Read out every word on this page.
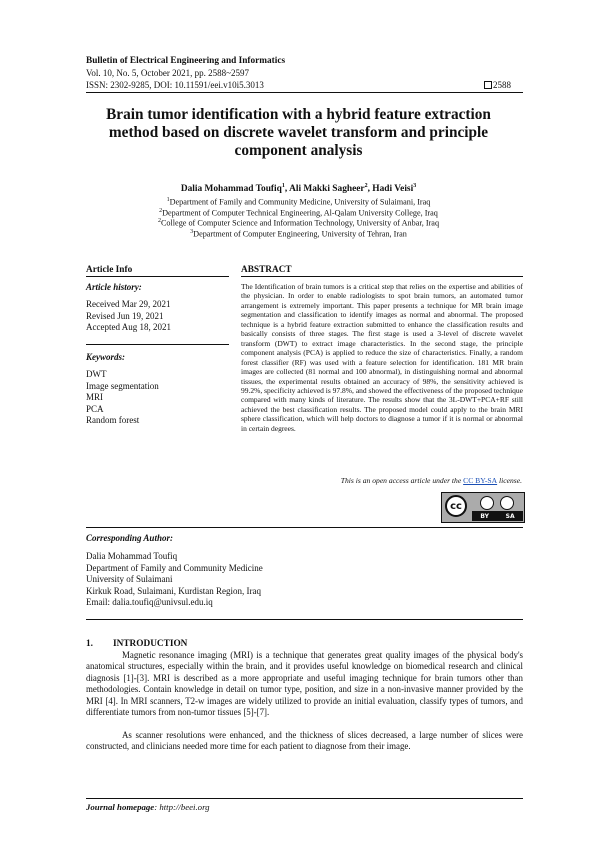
Bulletin of Electrical Engineering and Informatics
Vol. 10, No. 5, October 2021, pp. 2588~2597
ISSN: 2302-9285, DOI: 10.11591/eei.v10i5.3013	2588
Brain tumor identification with a hybrid feature extraction method based on discrete wavelet transform and principle component analysis
Dalia Mohammad Toufiq$^1$, Ali Makki Sagheer$^2$, Hadi Veisi$^3$
$^1$Department of Family and Community Medicine, University of Sulaimani, Iraq
$^2$Department of Computer Technical Engineering, Al-Qalam University College, Iraq
$^2$College of Computer Science and Information Technology, University of Anbar, Iraq
$^3$Department of Computer Engineering, University of Tehran, Iran
Article Info	ABSTRACT
Article history:
Received Mar 29, 2021
Revised Jun 19, 2021
Accepted Aug 18, 2021
Keywords:
DWT
Image segmentation
MRI
PCA
Random forest
The Identification of brain tumors is a critical step that relies on the expertise and abilities of the physician. In order to enable radiologists to spot brain tumors, an automated tumor arrangement is extremely important. This paper presents a technique for MR brain image segmentation and classification to identify images as normal and abnormal. The proposed technique is a hybrid feature extraction submitted to enhance the classification results and basically consists of three stages. The first stage is used a 3-level of discrete wavelet transform (DWT) to extract image characteristics. In the second stage, the principle component analysis (PCA) is applied to reduce the size of characteristics. Finally, a random forest classifier (RF) was used with a feature selection for identification. 181 MR brain images are collected (81 normal and 100 abnormal), in distinguishing normal and abnormal tissues, the experimental results obtained an accuracy of 98%, the sensitivity achieved is 99.2%, specificity achieved is 97.8%, and showed the effectiveness of the proposed technique compared with many kinds of literature. The results show that the 3L-DWT+PCA+RF still achieved the best classification results. The proposed model could apply to the brain MRI sphere classification, which will help doctors to diagnose a tumor if it is normal or abnormal in certain degrees.
This is an open access article under the CC BY-SA license.
cc
BY	SA
Corresponding Author:
Dalia Mohammad Toufiq
Department of Family and Community Medicine
University of Sulaimani
Kirkuk Road, Sulaimani, Kurdistan Region, Iraq
Email: dalia.toufiq@univsul.edu.iq
1. INTRODUCTION
Magnetic resonance imaging (MRI) is a technique that generates great quality images of the physical body's anatomical structures, especially within the brain, and it provides useful knowledge on biomedical research and clinical diagnosis [1]-[3]. MRI is described as a more appropriate and useful imaging technique for brain tumors other than methodologies. Contain knowledge in detail on tumor type, position, and size in a non-invasive manner provided by the MRI [4]. In MRI scanners, T2-w images are widely utilized to provide an initial evaluation, classify types of tumors, and differentiate tumors from non-tumor tissues [5]-[7].
As scanner resolutions were enhanced, and the thickness of slices decreased, a large number of slices were constructed, and clinicians needed more time for each patient to diagnose from their image.
Journal homepage: http://beei.org
